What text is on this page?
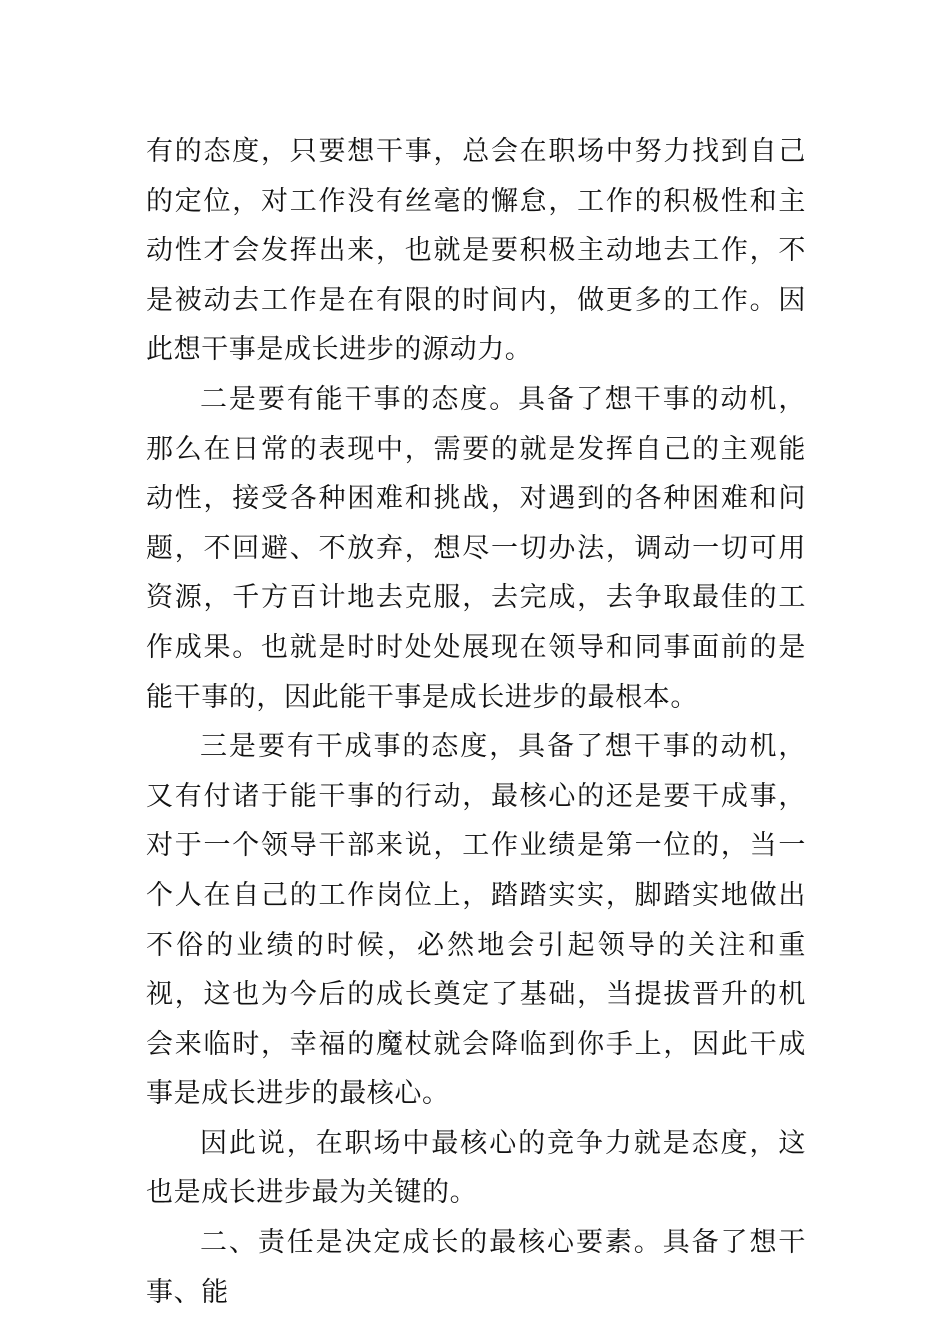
有的态度，只要想干事，总会在职场中努力找到自己的定位，对工作没有丝毫的懈怠，工作的积极性和主动性才会发挥出来，也就是要积极主动地去工作，不是被动去工作是在有限的时间内，做更多的工作。因此想干事是成长进步的源动力。

二是要有能干事的态度。具备了想干事的动机，那么在日常的表现中，需要的就是发挥自己的主观能动性，接受各种困难和挑战，对遇到的各种困难和问题，不回避、不放弃，想尽一切办法，调动一切可用资源，千方百计地去克服，去完成，去争取最佳的工作成果。也就是时时处处展现在领导和同事面前的是能干事的，因此能干事是成长进步的最根本。

三是要有干成事的态度，具备了想干事的动机，又有付诸于能干事的行动，最核心的还是要干成事，对于一个领导干部来说，工作业绩是第一位的，当一个人在自己的工作岗位上，踏踏实实，脚踏实地做出不俗的业绩的时候，必然地会引起领导的关注和重视，这也为今后的成长奠定了基础，当提拔晋升的机会来临时，幸福的魔杖就会降临到你手上，因此干成事是成长进步的最核心。

因此说，在职场中最核心的竞争力就是态度，这也是成长进步最为关键的。

二、责任是决定成长的最核心要素。具备了想干事、能
